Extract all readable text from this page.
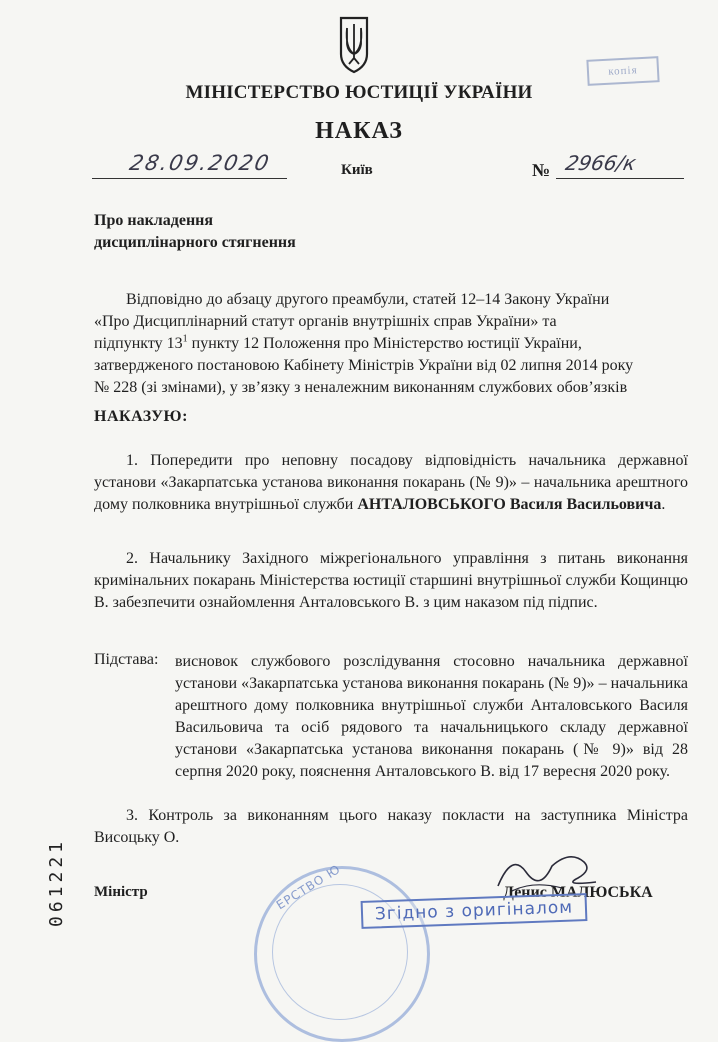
копія
МІНІСТЕРСТВО ЮСТИЦІЇ УКРАЇНИ
НАКАЗ
28.09.2020	Київ	№ 2966/к
Про накладення
дисциплінарного стягнення
Відповідно до абзацу другого преамбули, статей 12–14 Закону України
«Про Дисциплінарний статут органів внутрішніх справ України» та
підпункту $13^1$ пункту 12 Положення про Міністерство юстиції України,
затвердженого постановою Кабінету Міністрів України від 02 липня 2014 року
№ 228 (зі змінами), у зв’язку з неналежним виконанням службових обов’язків
НАКАЗУЮ:

1. Попередити про неповну посадову відповідність начальника державної установи «Закарпатська установа виконання покарань (№ 9)» – начальника арештного дому полковника внутрішньої служби АНТАЛОВСЬКОГО Василя Васильовича.

2. Начальнику Західного міжрегіонального управління з питань виконання кримінальних покарань Міністерства юстиції старшині внутрішньої служби Кощинцю В. забезпечити ознайомлення Анталовського В. з цим наказом під підпис.

Підстава: висновок службового розслідування стосовно начальника державної установи «Закарпатська установа виконання покарань (№ 9)» – начальника арештного дому полковника внутрішньої служби Анталовського Василя Васильовича та осіб рядового та начальницького складу державної установи «Закарпатська установа виконання покарань (№ 9)» від 28 серпня 2020 року, пояснення Анталовського В. від 17 вересня 2020 року.

3. Контроль за виконанням цього наказу покласти на заступника Міністра Висоцьку О.

ЕРСТВО Ю
Міністр	Денис МАЛЮСЬКА
Згідно з оригіналом
061221
